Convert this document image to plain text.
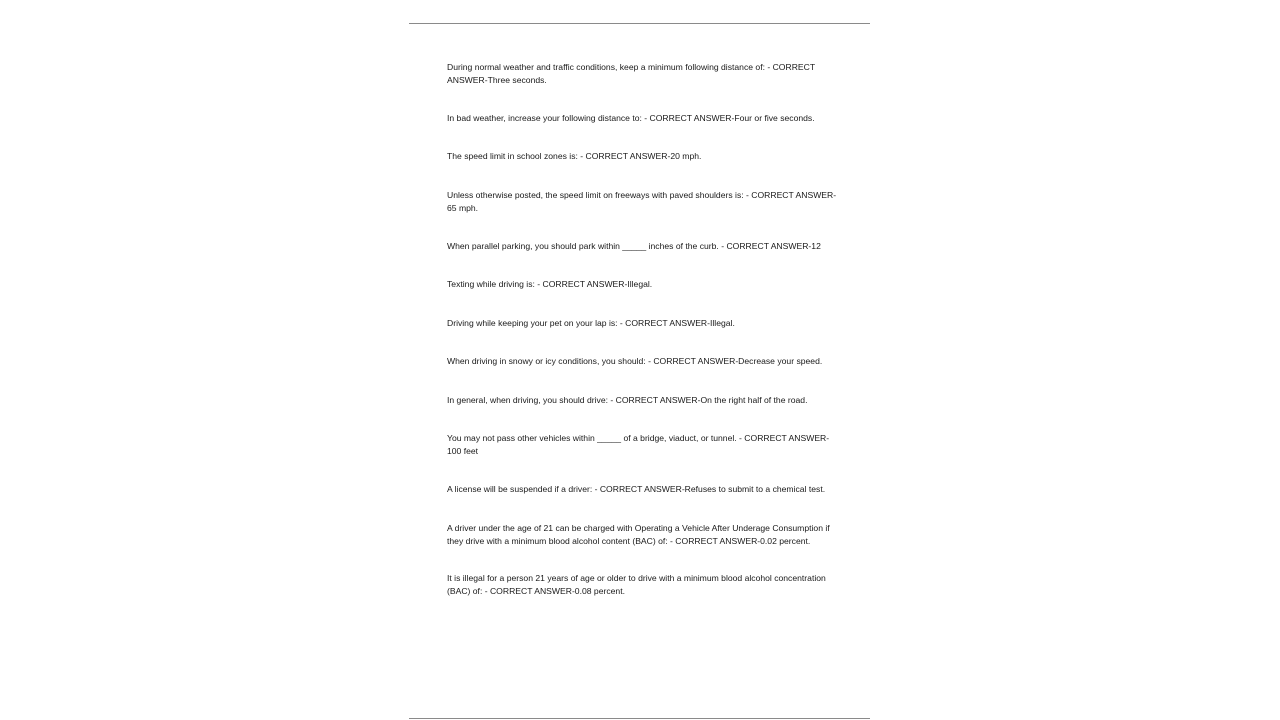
During normal weather and traffic conditions, keep a minimum following distance of: - CORRECT ANSWER-Three seconds.
In bad weather, increase your following distance to: - CORRECT ANSWER-Four or five seconds.
The speed limit in school zones is: - CORRECT ANSWER-20 mph.
Unless otherwise posted, the speed limit on freeways with paved shoulders is: - CORRECT ANSWER-65 mph.
When parallel parking, you should park within _____ inches of the curb. - CORRECT ANSWER-12
Texting while driving is: - CORRECT ANSWER-Illegal.
Driving while keeping your pet on your lap is: - CORRECT ANSWER-Illegal.
When driving in snowy or icy conditions, you should: - CORRECT ANSWER-Decrease your speed.
In general, when driving, you should drive: - CORRECT ANSWER-On the right half of the road.
You may not pass other vehicles within _____ of a bridge, viaduct, or tunnel. - CORRECT ANSWER-100 feet
A license will be suspended if a driver: - CORRECT ANSWER-Refuses to submit to a chemical test.
A driver under the age of 21 can be charged with Operating a Vehicle After Underage Consumption if they drive with a minimum blood alcohol content (BAC) of: - CORRECT ANSWER-0.02 percent.
It is illegal for a person 21 years of age or older to drive with a minimum blood alcohol concentration (BAC) of: - CORRECT ANSWER-0.08 percent.
